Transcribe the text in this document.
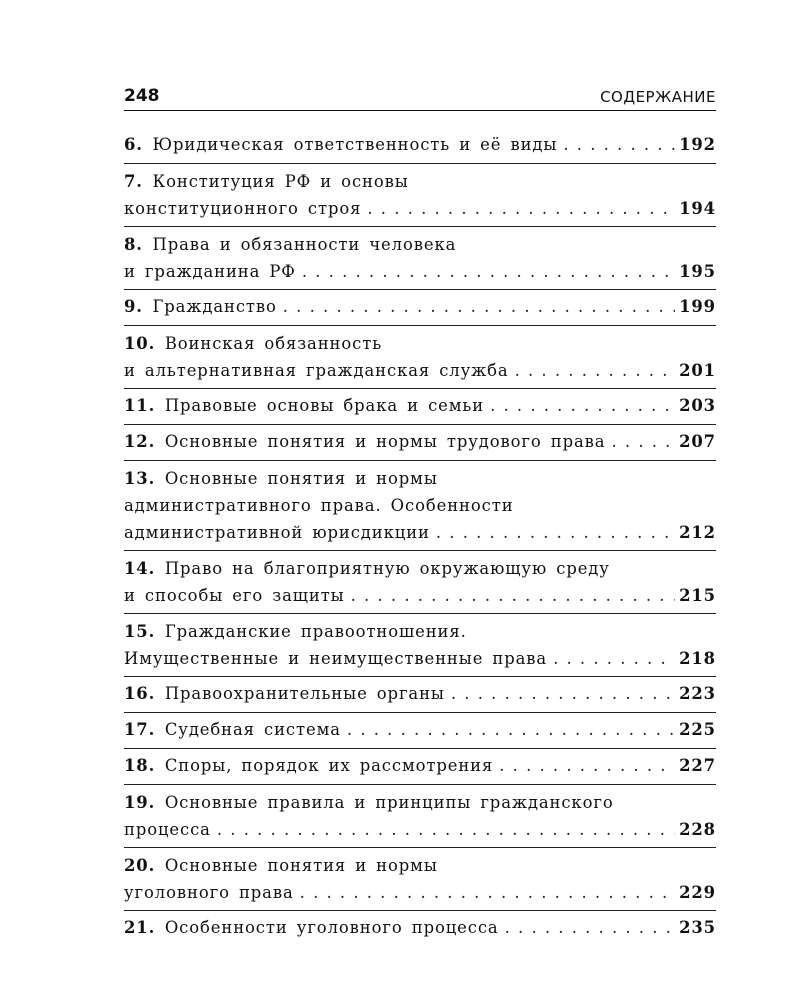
248	СОДЕРЖАНИЕ
6. Юридическая ответственность и её виды . . .	192
7. Конституция РФ и основы
конституционного строя . . .	194
8. Права и обязанности человека
и гражданина РФ . . .	195
9. Гражданство . . .	199
10. Воинская обязанность
и альтернативная гражданская служба . . .	201
11. Правовые основы брака и семьи . . .	203
12. Основные понятия и нормы трудового права . . .	207
13. Основные понятия и нормы
административного права. Особенности
административной юрисдикции . . .	212
14. Право на благоприятную окружающую среду
и способы его защиты . . .	215
15. Гражданские правоотношения.
Имущественные и неимущественные права . . .	218
16. Правоохранительные органы . . .	223
17. Судебная система . . .	225
18. Споры, порядок их рассмотрения . . .	227
19. Основные правила и принципы гражданского
процесса . . .	228
20. Основные понятия и нормы
уголовного права . . .	229
21. Особенности уголовного процесса . . .	235
